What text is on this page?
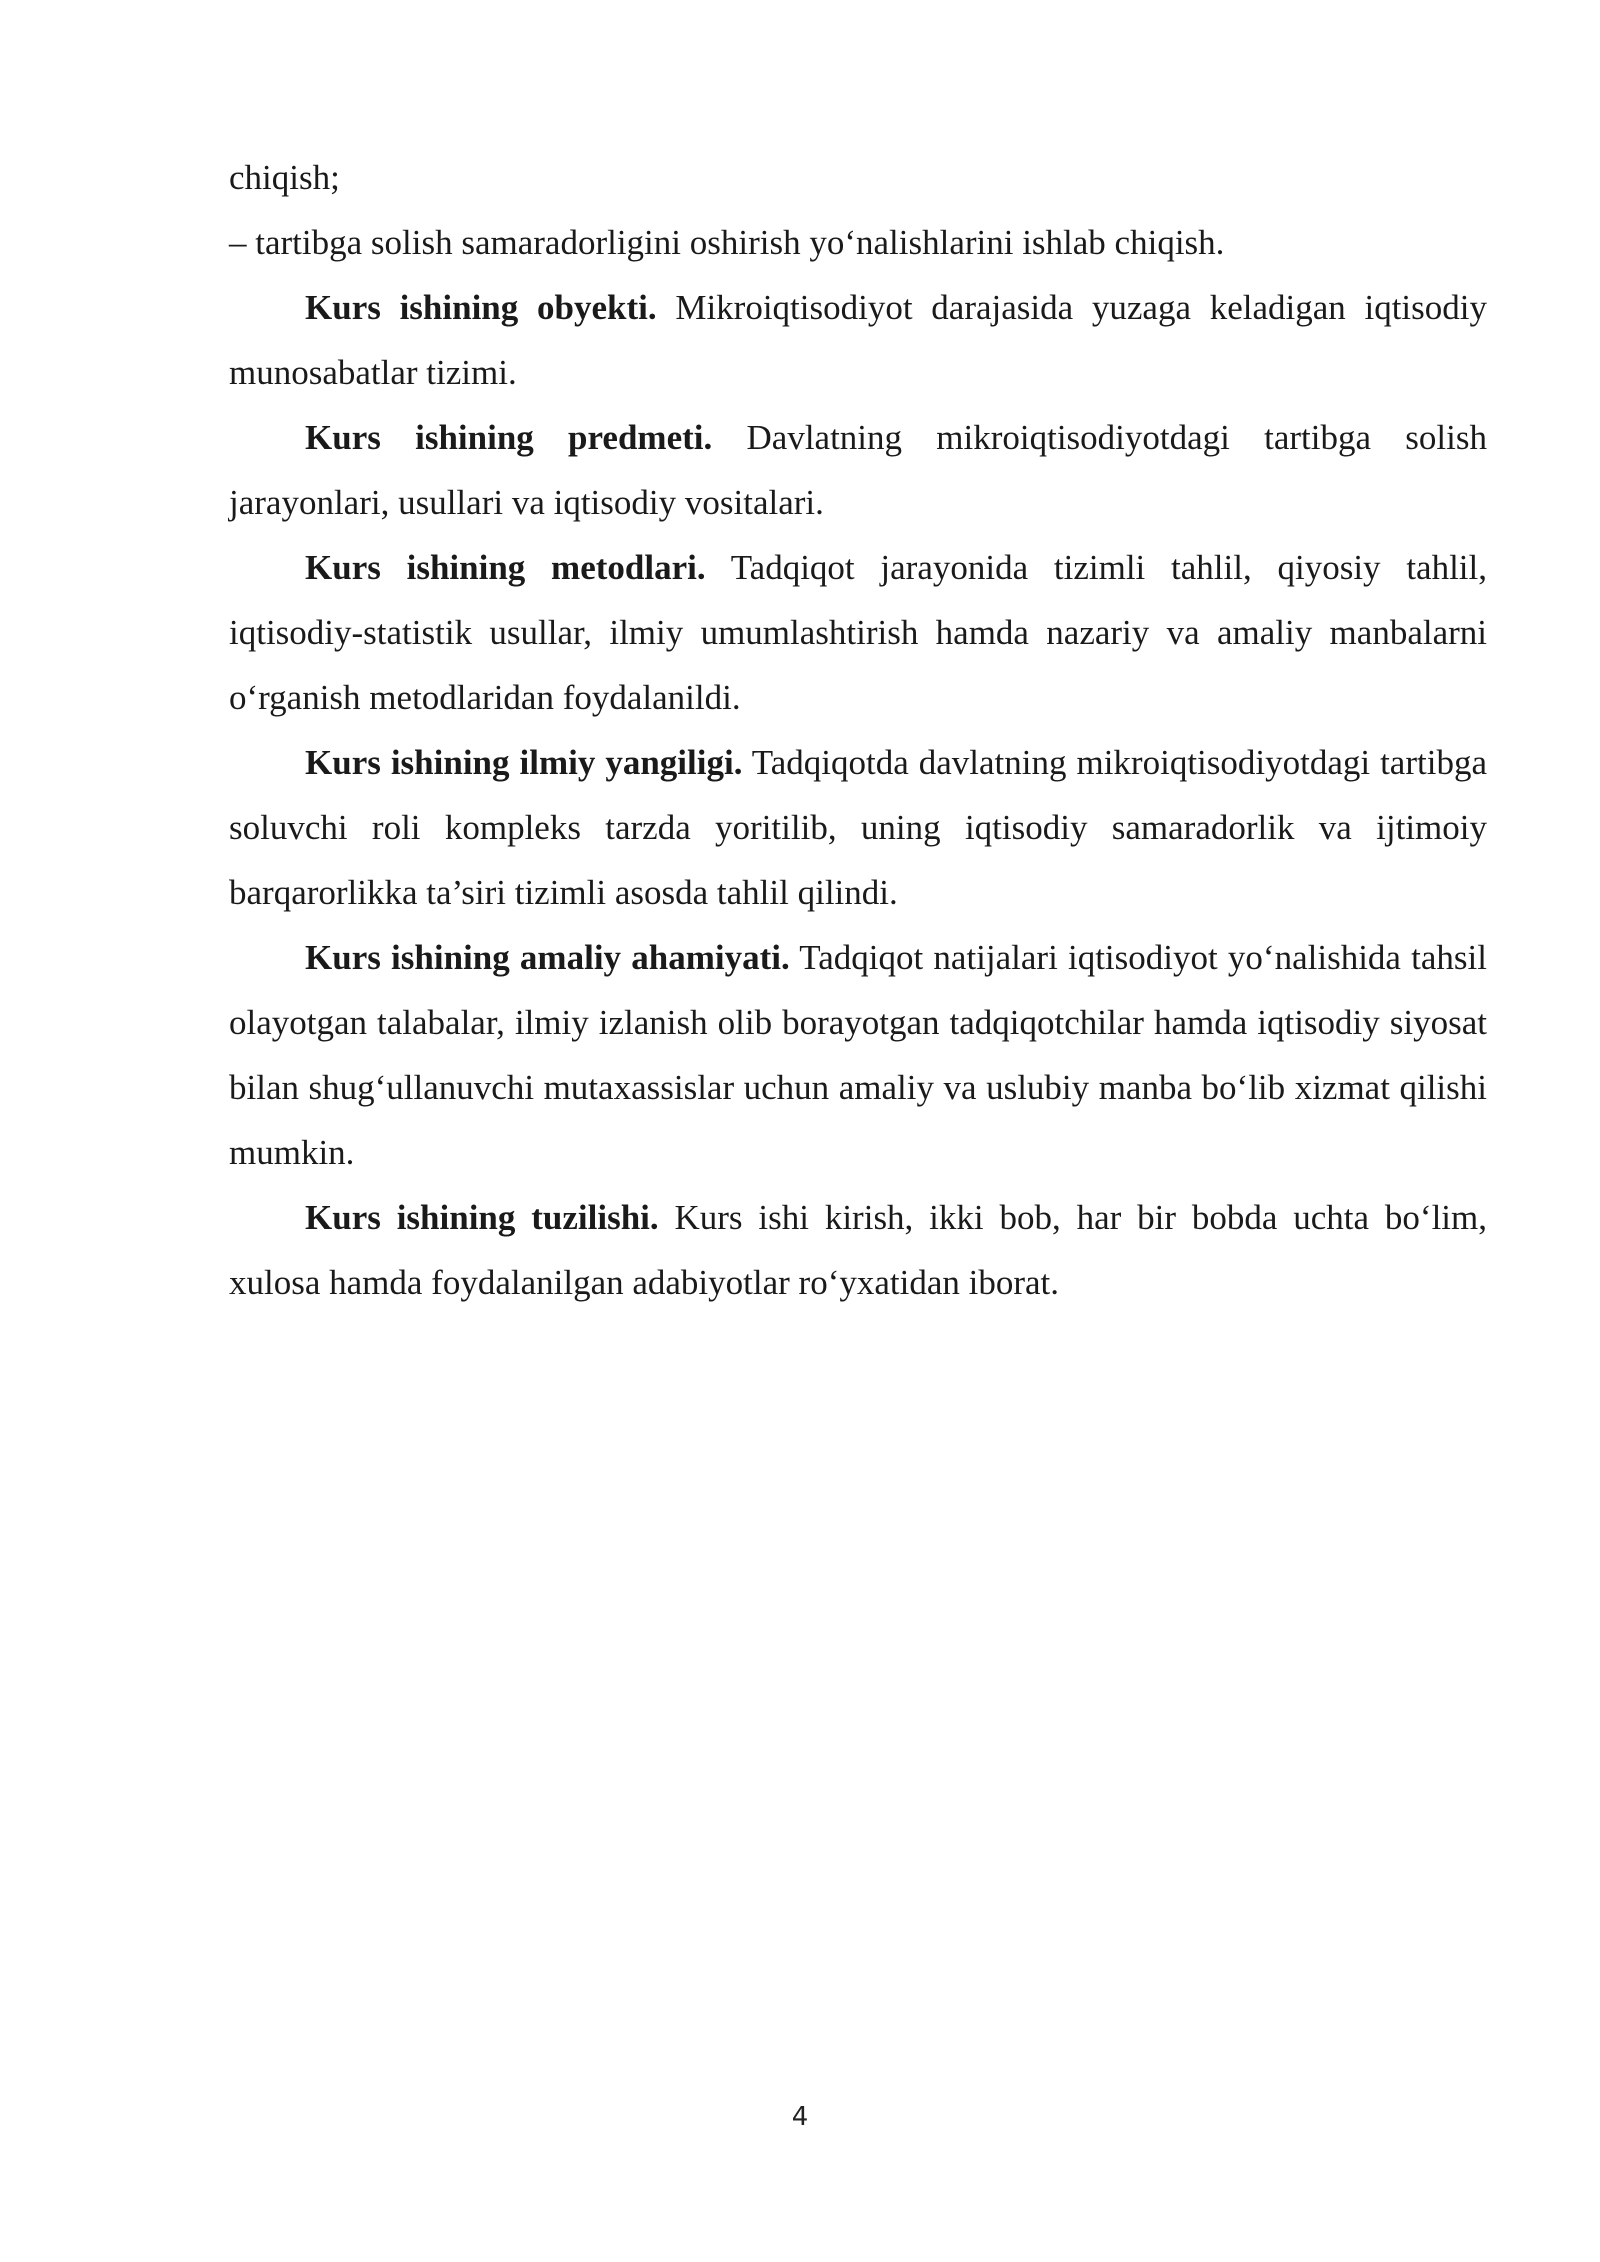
chiqish;

– tartibga solish samaradorligini oshirish yo‘nalishlarini ishlab chiqish.

Kurs ishining obyekti. Mikroiqtisodiyot darajasida yuzaga keladigan iqtisodiy munosabatlar tizimi.

Kurs ishining predmeti. Davlatning mikroiqtisodiyotdagi tartibga solish jarayonlari, usullari va iqtisodiy vositalari.

Kurs ishining metodlari. Tadqiqot jarayonida tizimli tahlil, qiyosiy tahlil, iqtisodiy-statistik usullar, ilmiy umumlashtirish hamda nazariy va amaliy manbalarni o‘rganish metodlaridan foydalanildi.

Kurs ishining ilmiy yangiligi. Tadqiqotda davlatning mikroiqtisodiyotdagi tartibga soluvchi roli kompleks tarzda yoritilib, uning iqtisodiy samaradorlik va ijtimoiy barqarorlikka ta’siri tizimli asosda tahlil qilindi.

Kurs ishining amaliy ahamiyati. Tadqiqot natijalari iqtisodiyot yo‘nalishida tahsil olayotgan talabalar, ilmiy izlanish olib borayotgan tadqiqotchilar hamda iqtisodiy siyosat bilan shug‘ullanuvchi mutaxassislar uchun amaliy va uslubiy manba bo‘lib xizmat qilishi mumkin.

Kurs ishining tuzilishi. Kurs ishi kirish, ikki bob, har bir bobda uchta bo‘lim, xulosa hamda foydalanilgan adabiyotlar ro‘yxatidan iborat.

4
